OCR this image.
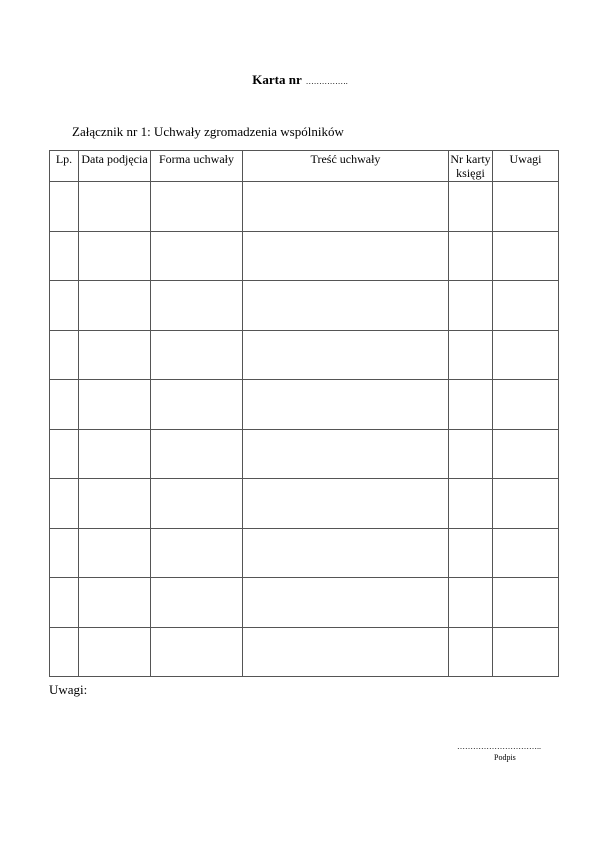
Karta nr …………….
Załącznik nr 1: Uchwały zgromadzenia wspólników
Lp.	Data podjęcia	Forma uchwały	Treść uchwały	Nr karty księgi	Uwagi

Uwagi:
…………………………..
Podpis
